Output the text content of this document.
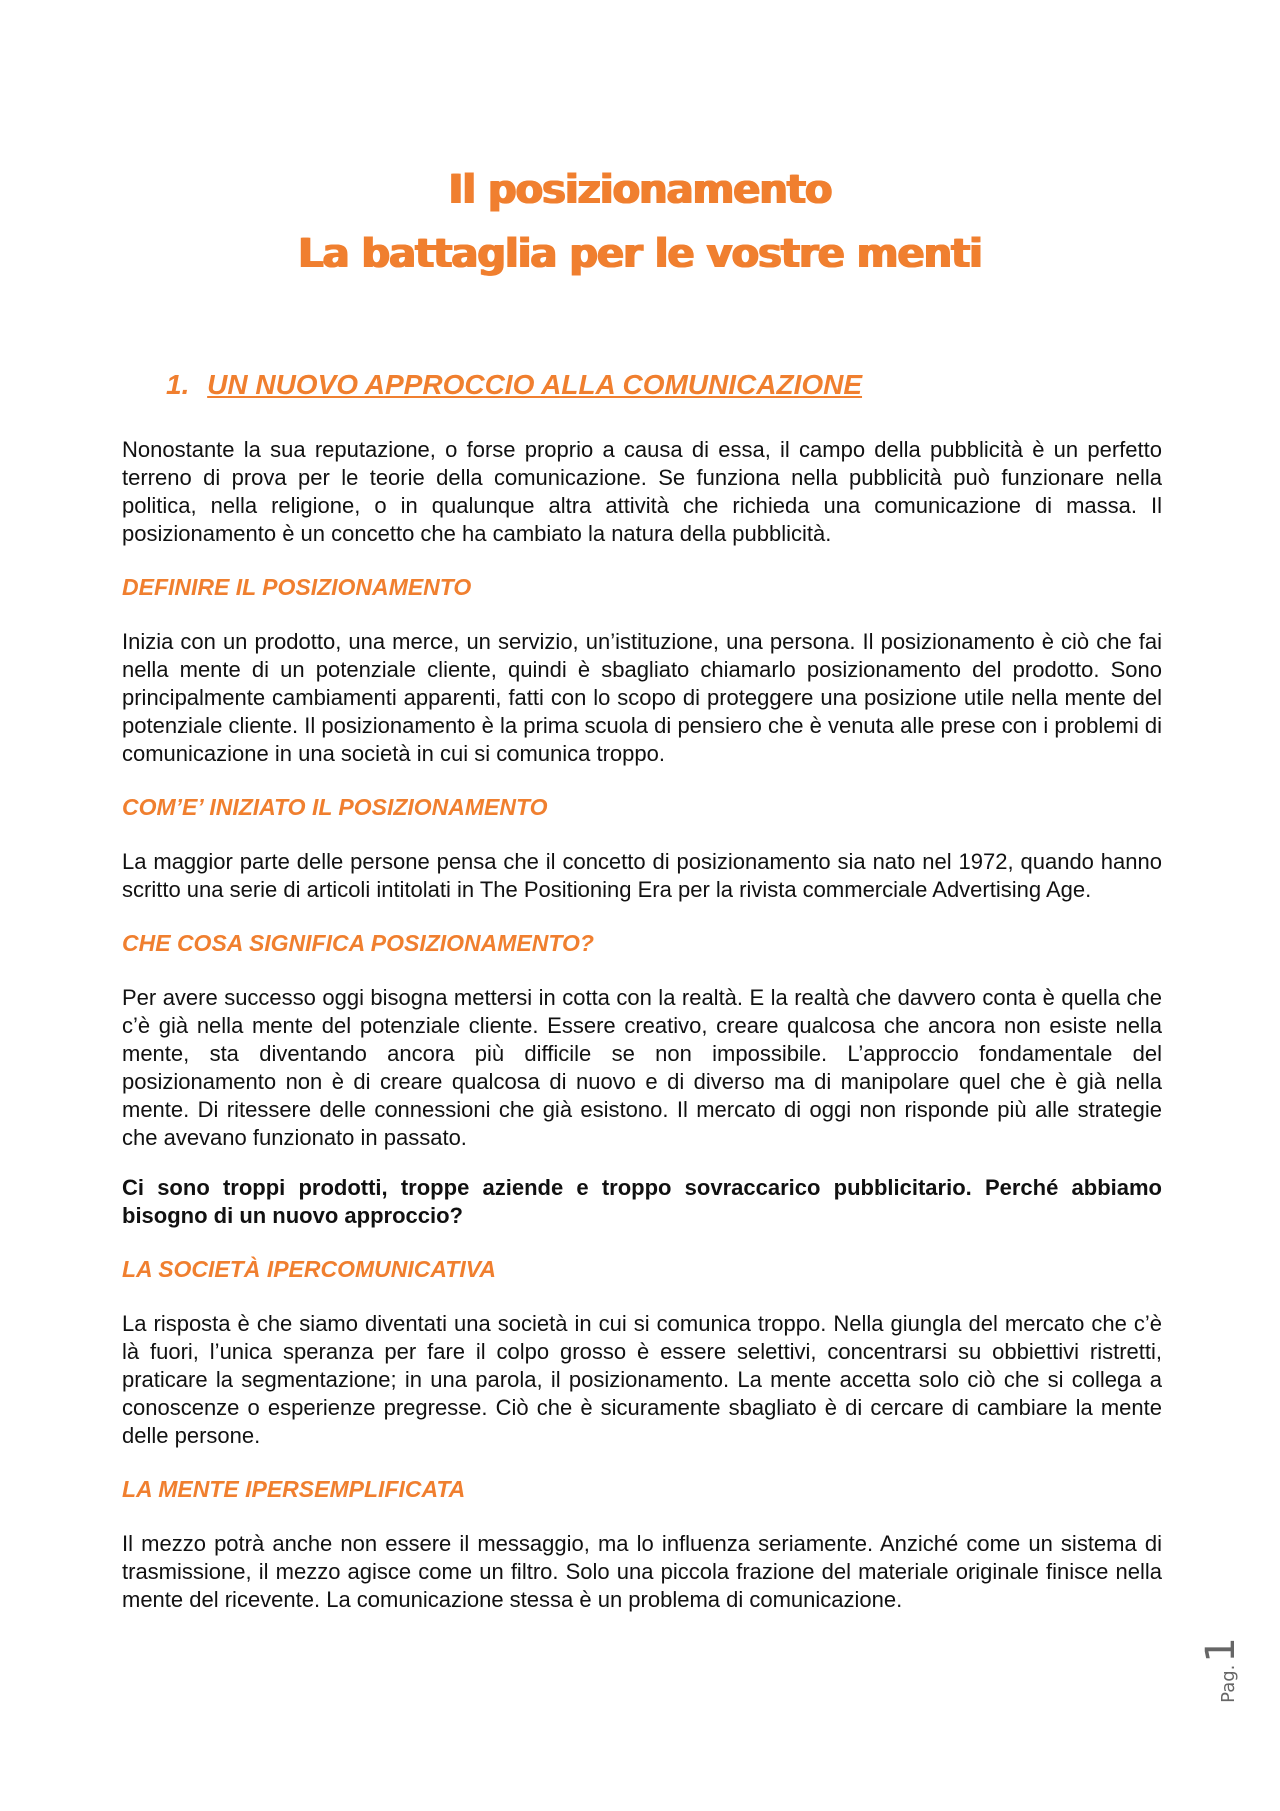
Il posizionamento
La battaglia per le vostre menti
1. UN NUOVO APPROCCIO ALLA COMUNICAZIONE

Nonostante la sua reputazione, o forse proprio a causa di essa, il campo della pubblicità è un perfetto terreno di prova per le teorie della comunicazione. Se funziona nella pubblicità può funzionare nella politica, nella religione, o in qualunque altra attività che richieda una comunicazione di massa. Il posizionamento è un concetto che ha cambiato la natura della pubblicità.

DEFINIRE IL POSIZIONAMENTO

Inizia con un prodotto, una merce, un servizio, un’istituzione, una persona. Il posizionamento è ciò che fai nella mente di un potenziale cliente, quindi è sbagliato chiamarlo posizionamento del prodotto. Sono principalmente cambiamenti apparenti, fatti con lo scopo di proteggere una posizione utile nella mente del potenziale cliente. Il posizionamento è la prima scuola di pensiero che è venuta alle prese con i problemi di comunicazione in una società in cui si comunica troppo.

COM’E’ INIZIATO IL POSIZIONAMENTO

La maggior parte delle persone pensa che il concetto di posizionamento sia nato nel 1972, quando hanno scritto una serie di articoli intitolati in The Positioning Era per la rivista commerciale Advertising Age.

CHE COSA SIGNIFICA POSIZIONAMENTO?

Per avere successo oggi bisogna mettersi in cotta con la realtà. E la realtà che davvero conta è quella che c’è già nella mente del potenziale cliente. Essere creativo, creare qualcosa che ancora non esiste nella mente, sta diventando ancora più difficile se non impossibile. L’approccio fondamentale del posizionamento non è di creare qualcosa di nuovo e di diverso ma di manipolare quel che è già nella mente. Di ritessere delle connessioni che già esistono. Il mercato di oggi non risponde più alle strategie che avevano funzionato in passato.

Ci sono troppi prodotti, troppe aziende e troppo sovraccarico pubblicitario. Perché abbiamo bisogno di un nuovo approccio?

LA SOCIETÀ IPERCOMUNICATIVA

La risposta è che siamo diventati una società in cui si comunica troppo. Nella giungla del mercato che c’è là fuori, l’unica speranza per fare il colpo grosso è essere selettivi, concentrarsi su obbiettivi ristretti, praticare la segmentazione; in una parola, il posizionamento. La mente accetta solo ciò che si collega a conoscenze o esperienze pregresse. Ciò che è sicuramente sbagliato è di cercare di cambiare la mente delle persone.

LA MENTE IPERSEMPLIFICATA

Il mezzo potrà anche non essere il messaggio, ma lo influenza seriamente. Anziché come un sistema di trasmissione, il mezzo agisce come un filtro. Solo una piccola frazione del materiale originale finisce nella mente del ricevente. La comunicazione stessa è un problema di comunicazione.

Pag.
1
